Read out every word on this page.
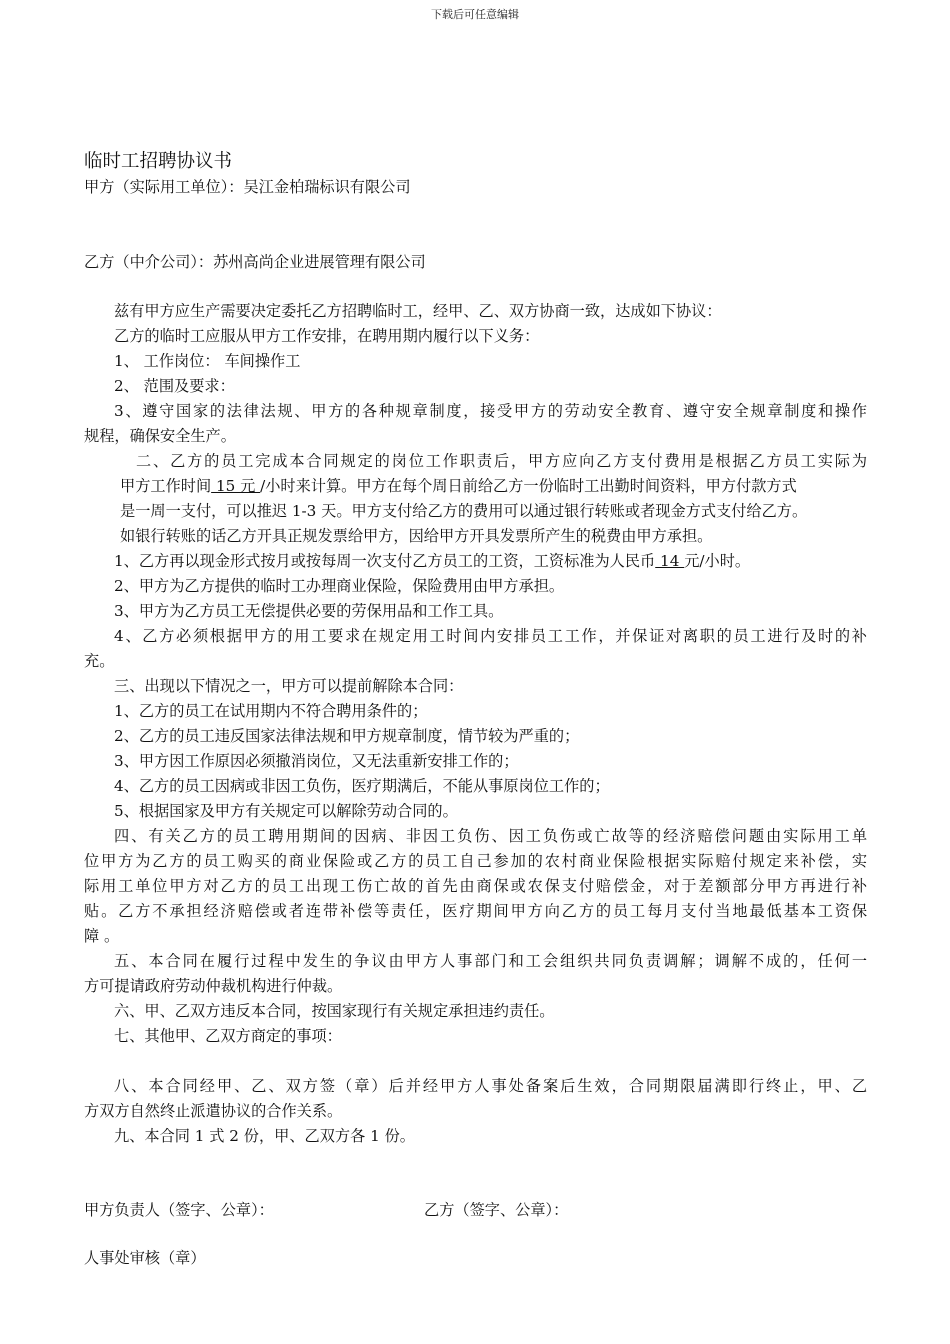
下载后可任意编辑
临时工招聘协议书
甲方（实际用工单位）：吴江金柏瑞标识有限公司
乙方（中介公司）：苏州高尚企业进展管理有限公司
兹有甲方应生产需要决定委托乙方招聘临时工，经甲、乙、双方协商一致，达成如下协议：
乙方的临时工应服从甲方工作安排，在聘用期内履行以下义务：
1、 工作岗位： 车间操作工
2、 范围及要求：
3、遵守国家的法律法规、甲方的各种规章制度，接受甲方的劳动安全教育、遵守安全规章制度和操作
规程，确保安全生产。
二、乙方的员工完成本合同规定的岗位工作职责后，甲方应向乙方支付费用是根据乙方员工实际为
甲方工作时间 15 元 /小时来计算。甲方在每个周日前给乙方一份临时工出勤时间资料，甲方付款方式
是一周一支付，可以推迟 1-3 天。甲方支付给乙方的费用可以通过银行转账或者现金方式支付给乙方。
如银行转账的话乙方开具正规发票给甲方，因给甲方开具发票所产生的税费由甲方承担。
1、乙方再以现金形式按月或按每周一次支付乙方员工的工资，工资标准为人民币 14 元/小时。
2、甲方为乙方提供的临时工办理商业保险，保险费用由甲方承担。
3、甲方为乙方员工无偿提供必要的劳保用品和工作工具。
4、乙方必须根据甲方的用工要求在规定用工时间内安排员工工作，并保证对离职的员工进行及时的补
充。
三、出现以下情况之一，甲方可以提前解除本合同：
1、乙方的员工在试用期内不符合聘用条件的；
2、乙方的员工违反国家法律法规和甲方规章制度，情节较为严重的；
3、甲方因工作原因必须撤消岗位，又无法重新安排工作的；
4、乙方的员工因病或非因工负伤，医疗期满后，不能从事原岗位工作的；
5、根据国家及甲方有关规定可以解除劳动合同的。
四、有关乙方的员工聘用期间的因病、非因工负伤、因工负伤或亡故等的经济赔偿问题由实际用工单
位甲方为乙方的员工购买的商业保险或乙方的员工自己参加的农村商业保险根据实际赔付规定来补偿，实
际用工单位甲方对乙方的员工出现工伤亡故的首先由商保或农保支付赔偿金，对于差额部分甲方再进行补
贴。乙方不承担经济赔偿或者连带补偿等责任，医疗期间甲方向乙方的员工每月支付当地最低基本工资保
障 。
五、本合同在履行过程中发生的争议由甲方人事部门和工会组织共同负责调解；调解不成的，任何一
方可提请政府劳动仲裁机构进行仲裁。
六、甲、乙双方违反本合同，按国家现行有关规定承担违约责任。
七、其他甲、乙双方商定的事项：
八、本合同经甲、乙、双方签（章）后并经甲方人事处备案后生效，合同期限届满即行终止，甲、乙
方双方自然终止派遣协议的合作关系。
九、本合同 1 式 2 份，甲、乙双方各 1 份。
甲方负责人（签字、公章）：	乙方（签字、公章）：
人事处审核（章）
